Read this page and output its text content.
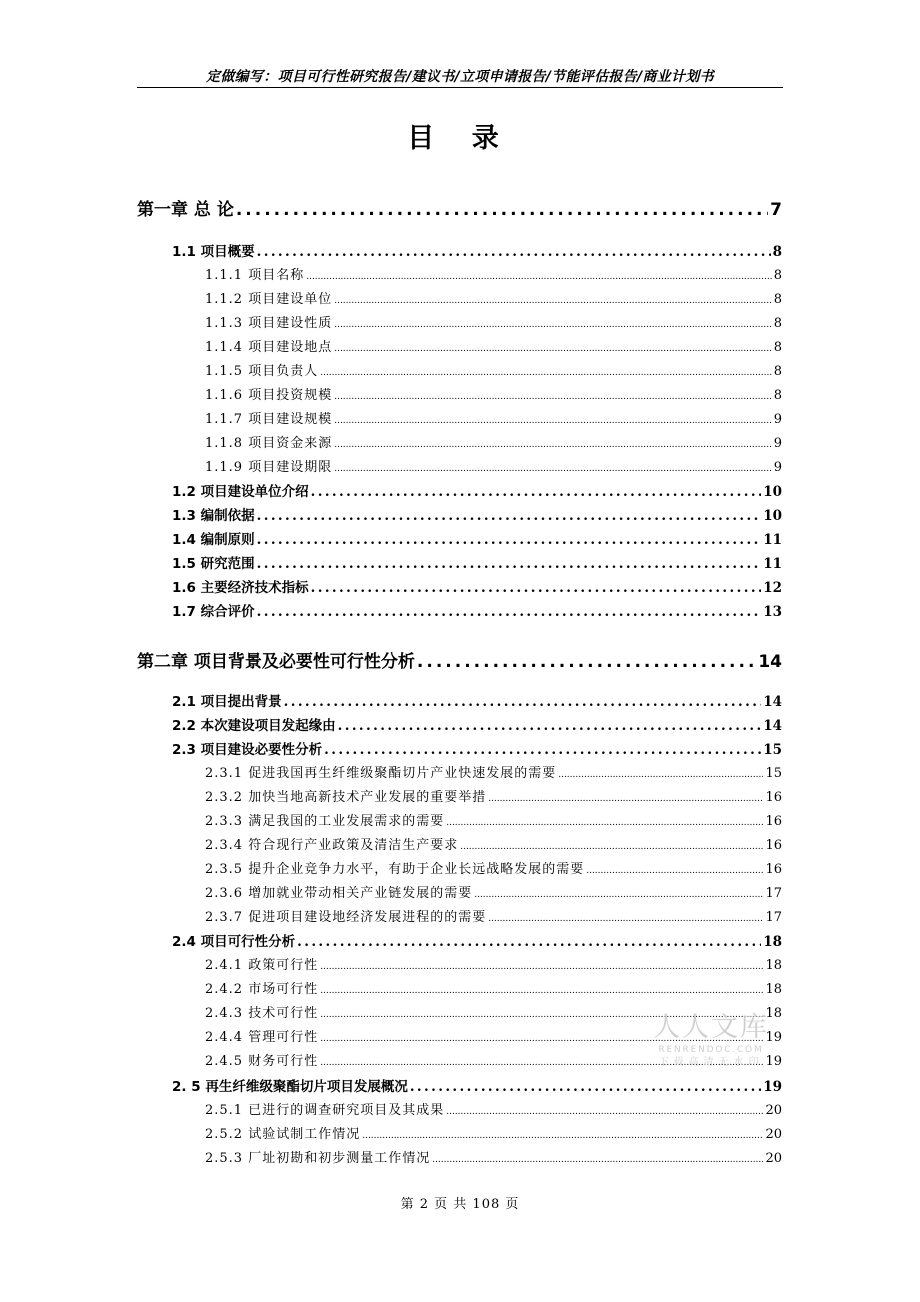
定做编写：项目可行性研究报告/建议书/立项申请报告/节能评估报告/商业计划书
目 录
第一章 总 论 .....	7
1.1 项目概要 .....	8
1.1.1 项目名称 .....	8
1.1.2 项目建设单位 .....	8
1.1.3 项目建设性质 .....	8
1.1.4 项目建设地点 .....	8
1.1.5 项目负责人 .....	8
1.1.6 项目投资规模 .....	8
1.1.7 项目建设规模 .....	9
1.1.8 项目资金来源 .....	9
1.1.9 项目建设期限 .....	9
1.2 项目建设单位介绍 .....	10
1.3 编制依据 .....	10
1.4 编制原则 .....	11
1.5 研究范围 .....	11
1.6 主要经济技术指标 .....	12
1.7 综合评价 .....	13
第二章 项目背景及必要性可行性分析 .....	14
2.1 项目提出背景 .....	14
2.2 本次建设项目发起缘由 .....	14
2.3 项目建设必要性分析 .....	15
2.3.1 促进我国再生纤维级聚酯切片产业快速发展的需要 .....	15
2.3.2 加快当地高新技术产业发展的重要举措 .....	16
2.3.3 满足我国的工业发展需求的需要 .....	16
2.3.4 符合现行产业政策及清洁生产要求 .....	16
2.3.5 提升企业竞争力水平，有助于企业长远战略发展的需要 .....	16
2.3.6 增加就业带动相关产业链发展的需要 .....	17
2.3.7 促进项目建设地经济发展进程的的需要 .....	17
2.4 项目可行性分析 .....	18
2.4.1 政策可行性 .....	18
2.4.2 市场可行性 .....	18
2.4.3 技术可行性 .....	18
2.4.4 管理可行性 .....	19
2.4.5 财务可行性 .....	19
2. 5 再生纤维级聚酯切片项目发展概况 .....	19
2.5.1 已进行的调查研究项目及其成果 .....	20
2.5.2 试验试制工作情况 .....	20
2.5.3 厂址初勘和初步测量工作情况 .....	20
人人文库
RENRENDOC.COM
下载高清无水印
第 2 页 共 108 页
